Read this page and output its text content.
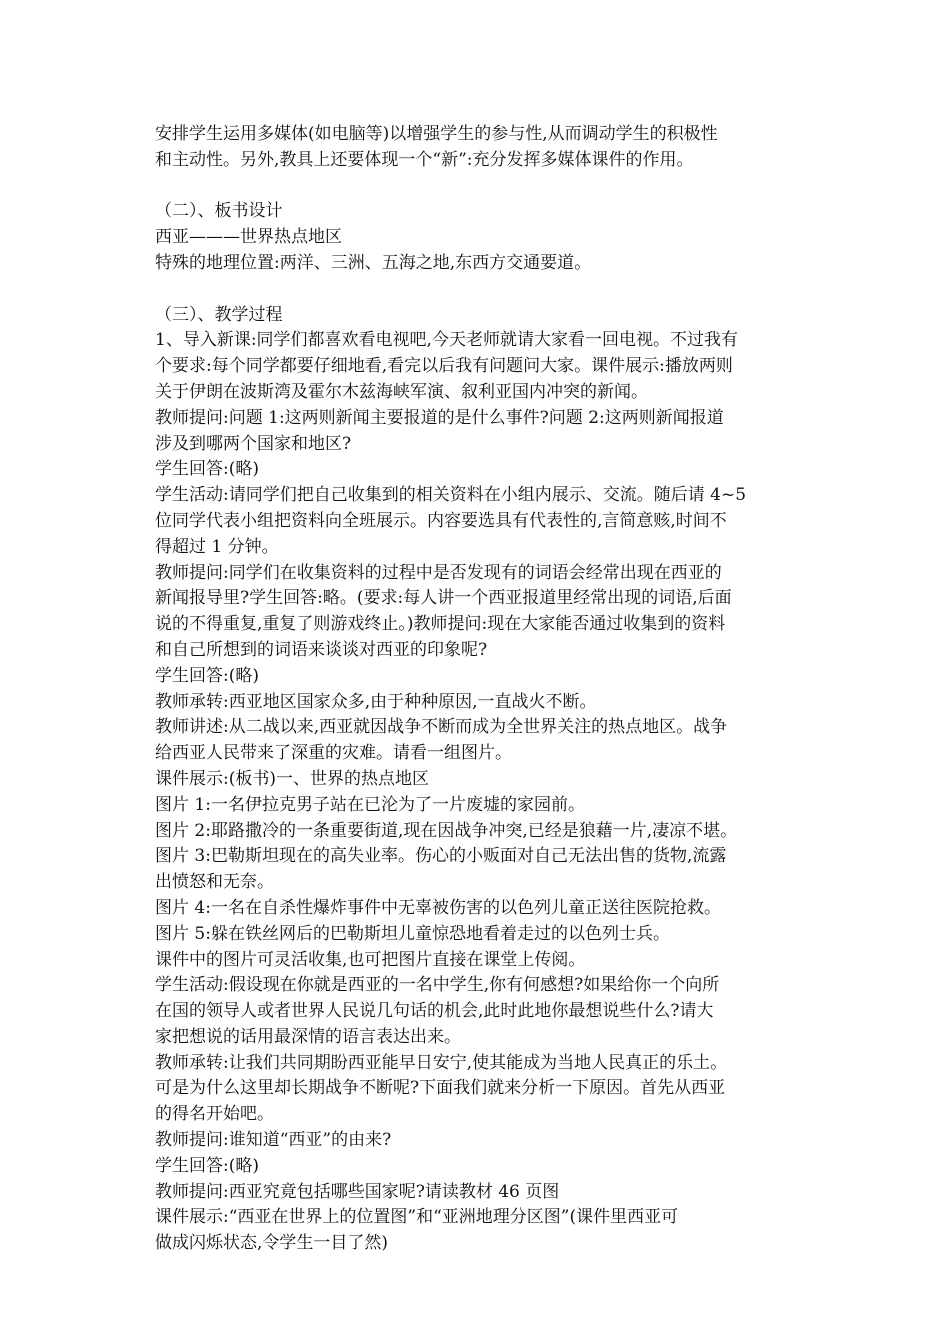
安排学生运用多媒体(如电脑等)以增强学生的参与性,从而调动学生的积极性
和主动性。另外,教具上还要体现一个“新”:充分发挥多媒体课件的作用。
（二）、板书设计
西亚———世界热点地区
特殊的地理位置:两洋、三洲、五海之地,东西方交通要道。
（三）、教学过程
1、导入新课:同学们都喜欢看电视吧,今天老师就请大家看一回电视。不过我有
个要求:每个同学都要仔细地看,看完以后我有问题问大家。课件展示:播放两则
关于伊朗在波斯湾及霍尔木兹海峡军演、叙利亚国内冲突的新闻。
教师提问:问题 1:这两则新闻主要报道的是什么事件?问题 2:这两则新闻报道
涉及到哪两个国家和地区?
学生回答:(略)
学生活动:请同学们把自己收集到的相关资料在小组内展示、交流。随后请 4~5
位同学代表小组把资料向全班展示。内容要选具有代表性的,言简意赅,时间不
得超过 1 分钟。
教师提问:同学们在收集资料的过程中是否发现有的词语会经常出现在西亚的
新闻报导里?学生回答:略。(要求:每人讲一个西亚报道里经常出现的词语,后面
说的不得重复,重复了则游戏终止。)教师提问:现在大家能否通过收集到的资料
和自己所想到的词语来谈谈对西亚的印象呢?
学生回答:(略)
教师承转:西亚地区国家众多,由于种种原因,一直战火不断。
教师讲述:从二战以来,西亚就因战争不断而成为全世界关注的热点地区。战争
给西亚人民带来了深重的灾难。请看一组图片。
课件展示:(板书)一、世界的热点地区
图片 1:一名伊拉克男子站在已沦为了一片废墟的家园前。
图片 2:耶路撒冷的一条重要街道,现在因战争冲突,已经是狼藉一片,凄凉不堪。
图片 3:巴勒斯坦现在的高失业率。伤心的小贩面对自己无法出售的货物,流露
出愤怒和无奈。
图片 4:一名在自杀性爆炸事件中无辜被伤害的以色列儿童正送往医院抢救。
图片 5:躲在铁丝网后的巴勒斯坦儿童惊恐地看着走过的以色列士兵。
课件中的图片可灵活收集,也可把图片直接在课堂上传阅。
学生活动:假设现在你就是西亚的一名中学生,你有何感想?如果给你一个向所
在国的领导人或者世界人民说几句话的机会,此时此地你最想说些什么?请大
家把想说的话用最深情的语言表达出来。
教师承转:让我们共同期盼西亚能早日安宁,使其能成为当地人民真正的乐土。
可是为什么这里却长期战争不断呢?下面我们就来分析一下原因。首先从西亚
的得名开始吧。
教师提问:谁知道“西亚”的由来?
学生回答:(略)
教师提问:西亚究竟包括哪些国家呢?请读教材 46 页图
课件展示:“西亚在世界上的位置图”和“亚洲地理分区图”(课件里西亚可
做成闪烁状态,令学生一目了然)
